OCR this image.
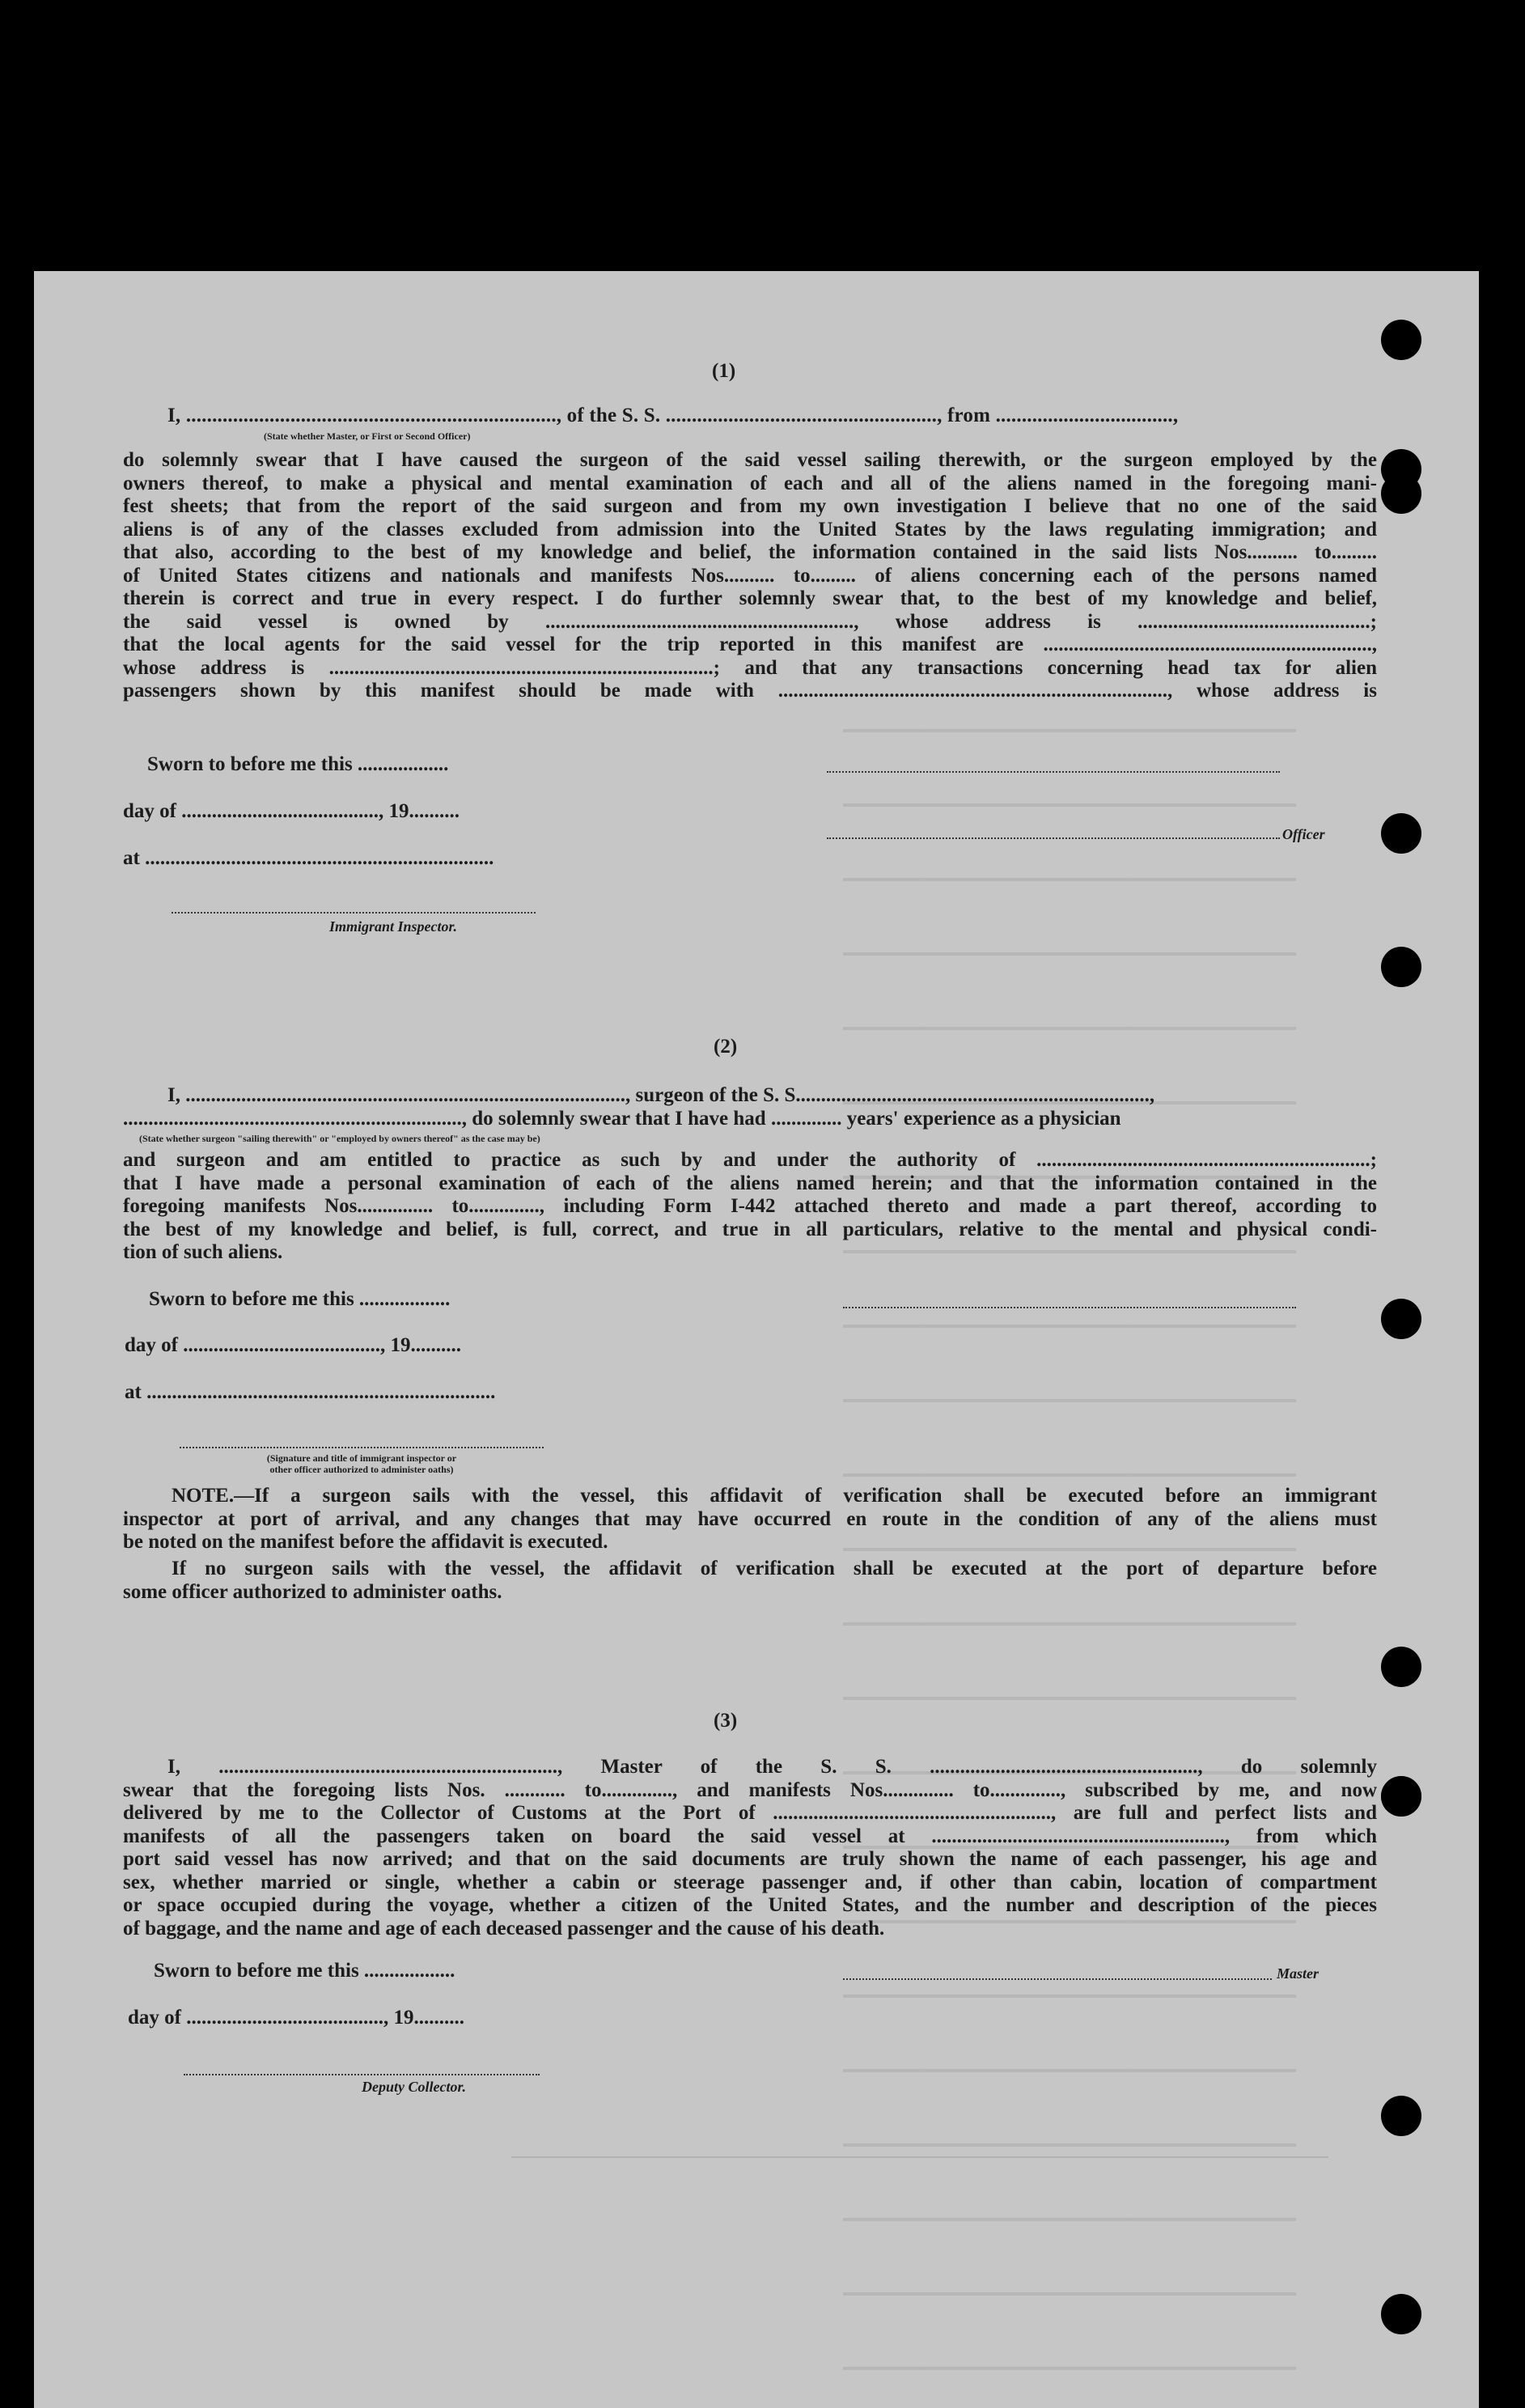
(1)
I, ......................................................................., of the S. S. ...................................................., from ..................................,
(State whether Master, or First or Second Officer)
do solemnly swear that I have caused the surgeon of the said vessel sailing therewith, or the surgeon employed by the
owners thereof, to make a physical and mental examination of each and all of the aliens named in the foregoing mani-
fest sheets; that from the report of the said surgeon and from my own investigation I believe that no one of the said
aliens is of any of the classes excluded from admission into the United States by the laws regulating immigration; and
that also, according to the best of my knowledge and belief, the information contained in the said lists Nos.......... to.........
of United States citizens and nationals and manifests Nos.......... to......... of aliens concerning each of the persons named
therein is correct and true in every respect. I do further solemnly swear that, to the best of my knowledge and belief,
the said vessel is owned by ............................................................., whose address is ..............................................;
that the local agents for the said vessel for the trip reported in this manifest are .................................................................,
whose address is ............................................................................; and that any transactions concerning head tax for alien
passengers shown by this manifest should be made with ............................................................................., whose address is
Sworn to before me this ..................
day of ......................................., 19..........
Officer
at .....................................................................
Immigrant Inspector.
(2)
I, ......................................................................................., surgeon of the S. S......................................................................,
..................................................................., do solemnly swear that I have had .............. years' experience as a physician
(State whether surgeon "sailing therewith" or "employed by owners thereof" as the case may be)
and surgeon and am entitled to practice as such by and under the authority of ..................................................................;
that I have made a personal examination of each of the aliens named herein; and that the information contained in the
foregoing manifests Nos............... to.............., including Form I-442 attached thereto and made a part thereof, according to
the best of my knowledge and belief, is full, correct, and true in all particulars, relative to the mental and physical condi-
tion of such aliens.
Sworn to before me this ..................
day of ......................................., 19..........
at .....................................................................
(Signature and title of immigrant inspector or
other officer authorized to administer oaths)
NOTE.—If a surgeon sails with the vessel, this affidavit of verification shall be executed before an immigrant
inspector at port of arrival, and any changes that may have occurred en route in the condition of any of the aliens must
be noted on the manifest before the affidavit is executed.
If no surgeon sails with the vessel, the affidavit of verification shall be executed at the port of departure before
some officer authorized to administer oaths.
(3)
I, ..................................................................., Master of the S. S. ....................................................., do solemnly
swear that the foregoing lists Nos. ............ to.............., and manifests Nos.............. to.............., subscribed by me, and now
delivered by me to the Collector of Customs at the Port of ......................................................., are full and perfect lists and
manifests of all the passengers taken on board the said vessel at .........................................................., from which
port said vessel has now arrived; and that on the said documents are truly shown the name of each passenger, his age and
sex, whether married or single, whether a cabin or steerage passenger and, if other than cabin, location of compartment
or space occupied during the voyage, whether a citizen of the United States, and the number and description of the pieces
of baggage, and the name and age of each deceased passenger and the cause of his death.
Sworn to before me this ..................	Master
day of ......................................., 19..........
Deputy Collector.
